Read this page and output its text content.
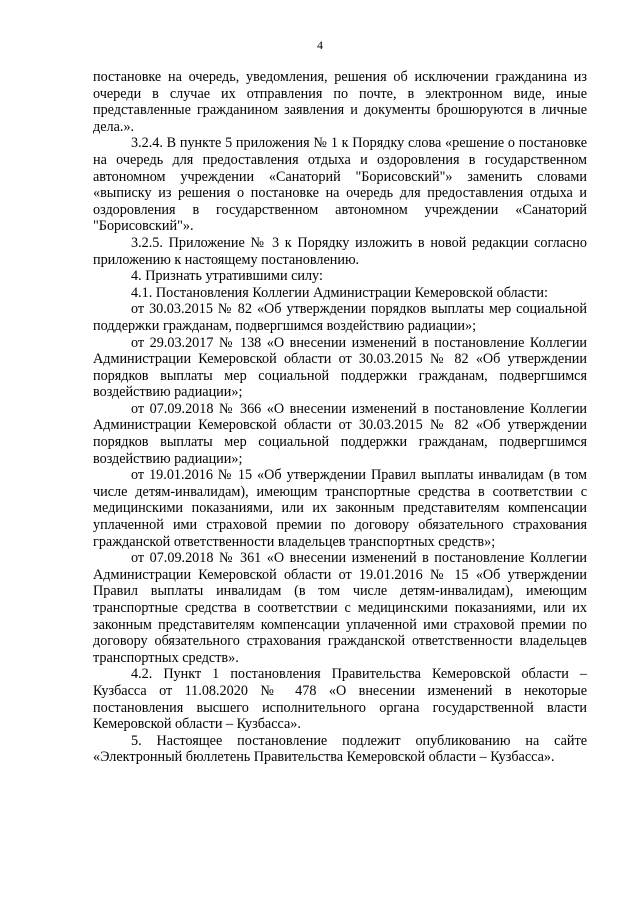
4

постановке на очередь, уведомления, решения об исключении гражданина из очереди в случае их отправления по почте, в электронном виде, иные представленные гражданином заявления и документы брошюруются в личные дела.».

3.2.4. В пункте 5 приложения № 1 к Порядку слова «решение о постановке на очередь для предоставления отдыха и оздоровления в государственном автономном учреждении «Санаторий "Борисовский"» заменить словами «выписку из решения о постановке на очередь для предоставления отдыха и оздоровления в государственном автономном учреждении «Санаторий "Борисовский"».

3.2.5. Приложение № 3 к Порядку изложить в новой редакции согласно приложению к настоящему постановлению.

4. Признать утратившими силу:

4.1. Постановления Коллегии Администрации Кемеровской области:

от 30.03.2015 № 82 «Об утверждении порядков выплаты мер социальной поддержки гражданам, подвергшимся воздействию радиации»;

от 29.03.2017 № 138 «О внесении изменений в постановление Коллегии Администрации Кемеровской области от 30.03.2015 № 82 «Об утверждении порядков выплаты мер социальной поддержки гражданам, подвергшимся воздействию радиации»;

от 07.09.2018 № 366 «О внесении изменений в постановление Коллегии Администрации Кемеровской области от 30.03.2015 № 82 «Об утверждении порядков выплаты мер социальной поддержки гражданам, подвергшимся воздействию радиации»;

от 19.01.2016 № 15 «Об утверждении Правил выплаты инвалидам (в том числе детям-инвалидам), имеющим транспортные средства в соответствии с медицинскими показаниями, или их законным представителям компенсации уплаченной ими страховой премии по договору обязательного страхования гражданской ответственности владельцев транспортных средств»;

от 07.09.2018 № 361 «О внесении изменений в постановление Коллегии Администрации Кемеровской области от 19.01.2016 № 15 «Об утверждении Правил выплаты инвалидам (в том числе детям-инвалидам), имеющим транспортные средства в соответствии с медицинскими показаниями, или их законным представителям компенсации уплаченной ими страховой премии по договору обязательного страхования гражданской ответственности владельцев транспортных средств».

4.2. Пункт 1 постановления Правительства Кемеровской области – Кузбасса от 11.08.2020 № 478 «О внесении изменений в некоторые постановления высшего исполнительного органа государственной власти Кемеровской области – Кузбасса».

5. Настоящее постановление подлежит опубликованию на сайте «Электронный бюллетень Правительства Кемеровской области – Кузбасса».
